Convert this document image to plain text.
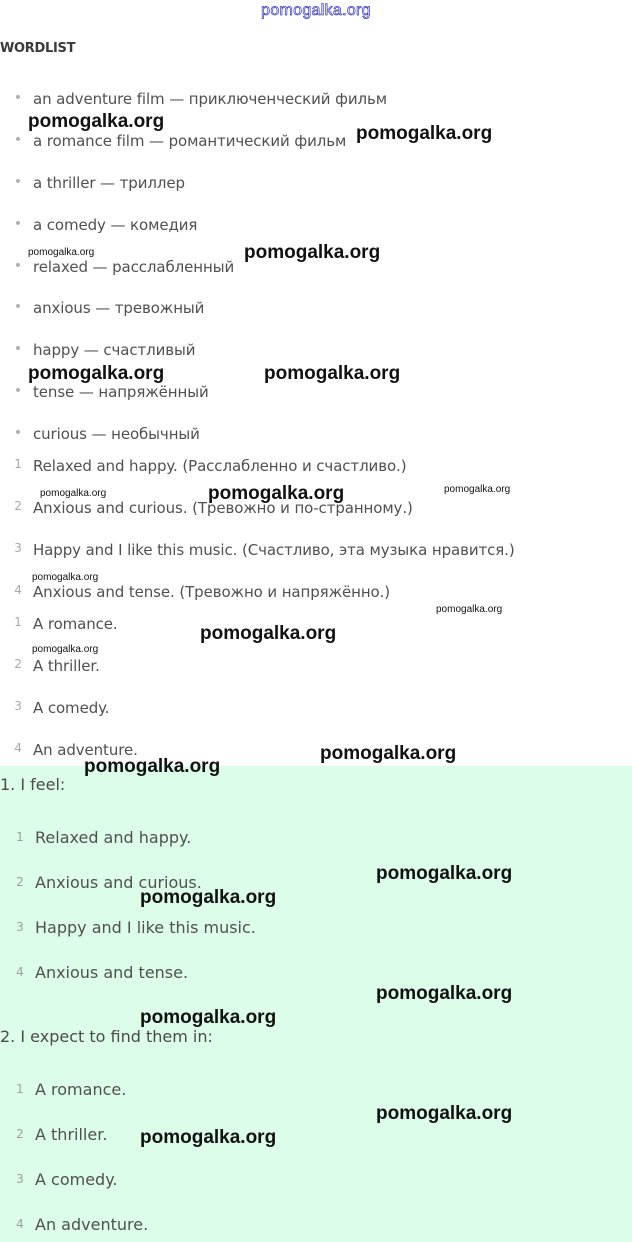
pomogalka.org
WORDLIST
• an adventure film — приключенческий фильм
• a romance film — романтический фильм
• a thriller — триллер
• a comedy — комедия
• relaxed — расслабленный
• anxious — тревожный
• happy — счастливый
• tense — напряжённый
• curious — необычный
1 Relaxed and happy. (Расслабленно и счастливо.)
2 Anxious and curious. (Тревожно и по-странному.)
3 Happy and I like this music. (Счастливо, эта музыка нравится.)
4 Anxious and tense. (Тревожно и напряжённо.)
1 A romance.
2 A thriller.
3 A comedy.
4 An adventure.
1. I feel:
1 Relaxed and happy.
2 Anxious and curious.
3 Happy and I like this music.
4 Anxious and tense.
2. I expect to find them in:
1 A romance.
2 A thriller.
3 A comedy.
4 An adventure.
pomogalka.org
pomogalka.org
pomogalka.org	pomogalka.org
pomogalka.org	pomogalka.org
pomogalka.org	pomogalka.org	pomogalka.org
pomogalka.org
pomogalka.org
pomogalka.org
pomogalka.org
pomogalka.org
pomogalka.org
pomogalka.org
pomogalka.org
pomogalka.org
pomogalka.org
pomogalka.org
pomogalka.org
